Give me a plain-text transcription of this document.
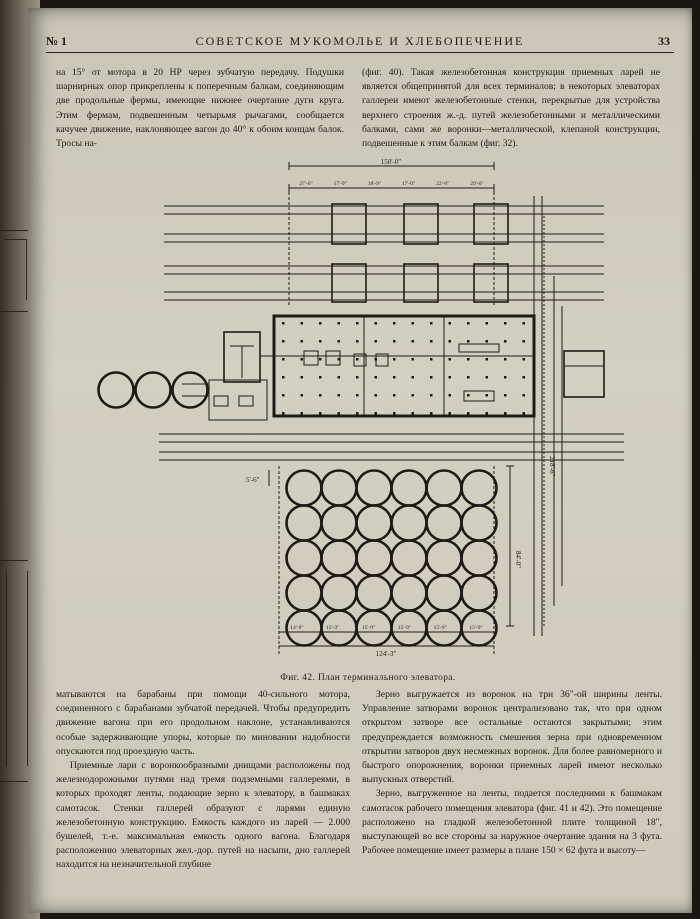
№ 1	СОВЕТСКОЕ МУКОМОЛЬЕ И ХЛЕБОПЕЧЕНИЕ	33

на 15° от мотора в 20 НР через зубчатую передачу. Подушки шарнирных опор прикреплены к поперечным балкам, соединяющим две продольные фермы, имеющие нижнее очертание дуги круга. Этим фермам, подвешенным четырьмя рычагами, сообщается качучее движение, наклоняющее вагон до 40° к обоим концам балок. Тросы на-

(фиг. 40). Такая железобетонная конструкция приемных ларей не является общепринятой для всех терминалов; в некоторых элеваторах галлереи имеют железобетонные стенки, перекрытые для устройства верхнего строения ж.-д. путей железобетонными и металлическими балками, сами же воронки—металлической, клепаной конструкции, подвешенные к этим балкам (фиг. 32).

150'-0"
27'-6"	17'-9"	18'-9"	17'-0"	22'-0"	29'-6"
14'-9"	15'-3"	15'-9"	15'-9"	15'-9"	15'-9"
124'-3"
218'-6"
84'-0"
5'-6"
Фиг. 42. План терминального элеватора.

матываются на барабаны при помощи 40-сильного мотора, соединенного с барабанами зубчатой передачей. Чтобы предупредить движение вагона при его продольном наклоне, устанавливаются особые задерживающие упоры, которые по миновании надобности опускаются под проездную часть.

Приемные лари с воронкообразными днищами расположены под железнодорожными путями над тремя подземными галлереями, в которых проходят ленты, подающие зерно к элеватору, в башмаках самотасок. Стенки галлерей образуют с ларями единую железобетонную конструкцию. Емкость каждого из ларей — 2.000 бушелей, т.-е. максимальная емкость одного вагона. Благодаря расположению элеваторных жел.-дор. путей на насыпи, дно галлерей находится на незначительной глубине

Зерно выгружается из воронок на три 36"-ой ширины ленты. Управление затворами воронок централизовано так, что при одном открытом затворе все остальные остаются закрытыми; этим предупреждается возможность смешения зерна при одновременном открытии затворов двух несмежных воронок. Для более равномерного и быстрого опорожнения, воронки приемных ларей имеют несколько выпускных отверстий.

Зерно, выгруженное на ленты, подается последними к башмакам самотасок рабочего помещения элеватора (фиг. 41 и 42). Это помещение расположено на гладкой железобетонной плите толщиной 18", выступающей во все стороны за наружное очертание здания на 3 фута. Рабочее помещение имеет размеры в плане 150 × 62 фута и высоту—
